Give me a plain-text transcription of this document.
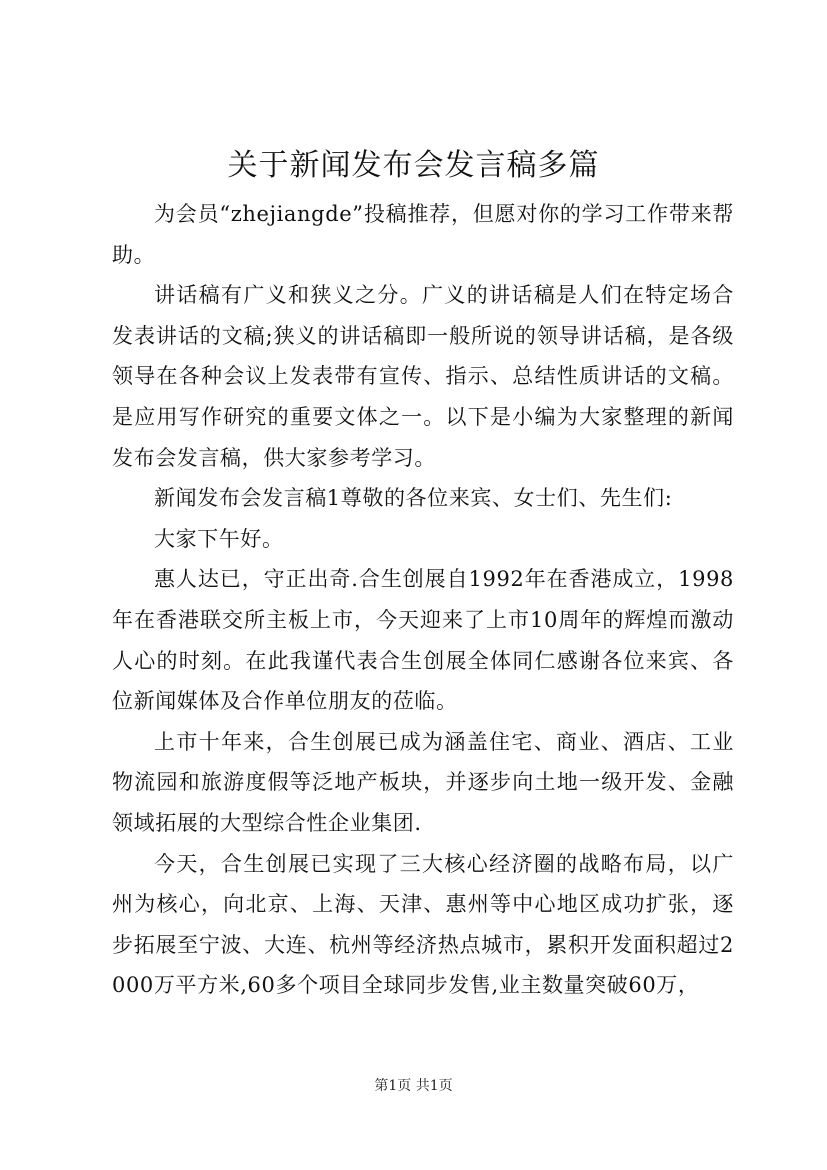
关于新闻发布会发言稿多篇

为会员“zhejiangde”投稿推荐，但愿对你的学习工作带来帮助。

讲话稿有广义和狭义之分。广义的讲话稿是人们在特定场合发表讲话的文稿;狭义的讲话稿即一般所说的领导讲话稿，是各级领导在各种会议上发表带有宣传、指示、总结性质讲话的文稿。是应用写作研究的重要文体之一。以下是小编为大家整理的新闻发布会发言稿，供大家参考学习。

新闻发布会发言稿1尊敬的各位来宾、女士们、先生们:

大家下午好。

惠人达已，守正出奇.合生创展自1992年在香港成立，1998年在香港联交所主板上市，今天迎来了上市10周年的辉煌而激动人心的时刻。在此我谨代表合生创展全体同仁感谢各位来宾、各位新闻媒体及合作单位朋友的莅临。

上市十年来，合生创展已成为涵盖住宅、商业、酒店、工业物流园和旅游度假等泛地产板块，并逐步向土地一级开发、金融领域拓展的大型综合性企业集团.

今天，合生创展已实现了三大核心经济圈的战略布局，以广州为核心，向北京、上海、天津、惠州等中心地区成功扩张，逐步拓展至宁波、大连、杭州等经济热点城市，累积开发面积超过2000万平方米,60多个项目全球同步发售,业主数量突破60万，

第1页 共1页
